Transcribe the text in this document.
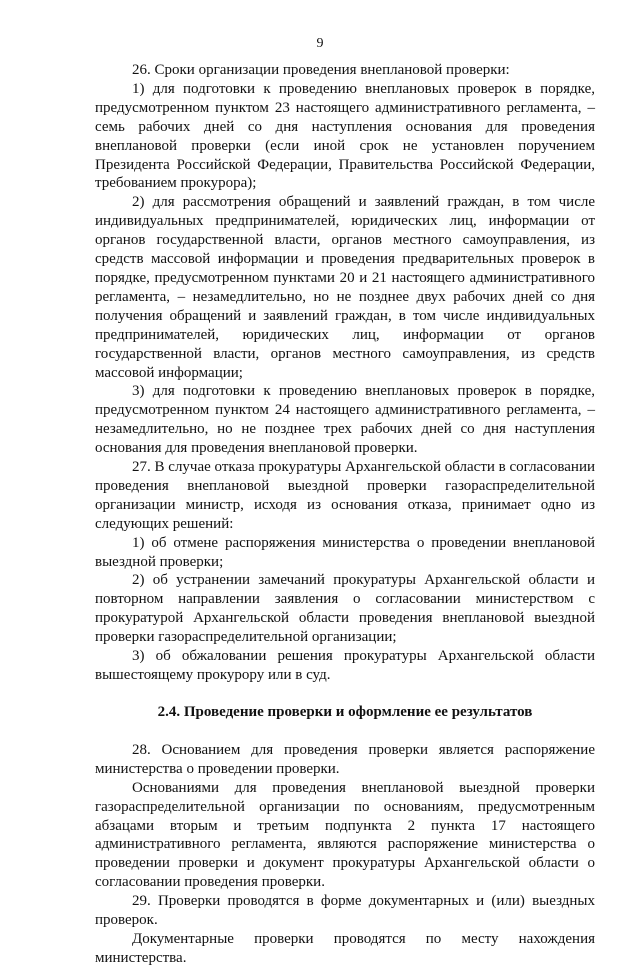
9

26. Сроки организации проведения внеплановой проверки:

1) для подготовки к проведению внеплановых проверок в порядке, предусмотренном пунктом 23 настоящего административного регламента, – семь рабочих дней со дня наступления основания для проведения внеплановой проверки (если иной срок не установлен поручением Президента Российской Федерации, Правительства Российской Федерации, требованием прокурора);

2) для рассмотрения обращений и заявлений граждан, в том числе индивидуальных предпринимателей, юридических лиц, информации от органов государственной власти, органов местного самоуправления, из средств массовой информации и проведения предварительных проверок в порядке, предусмотренном пунктами 20 и 21 настоящего административного регламента, – незамедлительно, но не позднее двух рабочих дней со дня получения обращений и заявлений граждан, в том числе индивидуальных предпринимателей, юридических лиц, информации от органов государственной власти, органов местного самоуправления, из средств массовой информации;

3) для подготовки к проведению внеплановых проверок в порядке, предусмотренном пунктом 24 настоящего административного регламента, – незамедлительно, но не позднее трех рабочих дней со дня наступления основания для проведения внеплановой проверки.

27. В случае отказа прокуратуры Архангельской области в согласовании проведения внеплановой выездной проверки газораспределительной организации министр, исходя из основания отказа, принимает одно из следующих решений:

1) об отмене распоряжения министерства о проведении внеплановой выездной проверки;

2) об устранении замечаний прокуратуры Архангельской области и повторном направлении заявления о согласовании министерством с прокуратурой Архангельской области проведения внеплановой выездной проверки газораспределительной организации;

3) об обжаловании решения прокуратуры Архангельской области вышестоящему прокурору или в суд.

2.4. Проведение проверки и оформление ее результатов

28. Основанием для проведения проверки является распоряжение министерства о проведении проверки.

Основаниями для проведения внеплановой выездной проверки газораспределительной организации по основаниям, предусмотренным абзацами вторым и третьим подпункта 2 пункта 17 настоящего административного регламента, являются распоряжение министерства о проведении проверки и документ прокуратуры Архангельской области о согласовании проведения проверки.

29. Проверки проводятся в форме документарных и (или) выездных проверок.

Документарные проверки проводятся по месту нахождения министерства.
